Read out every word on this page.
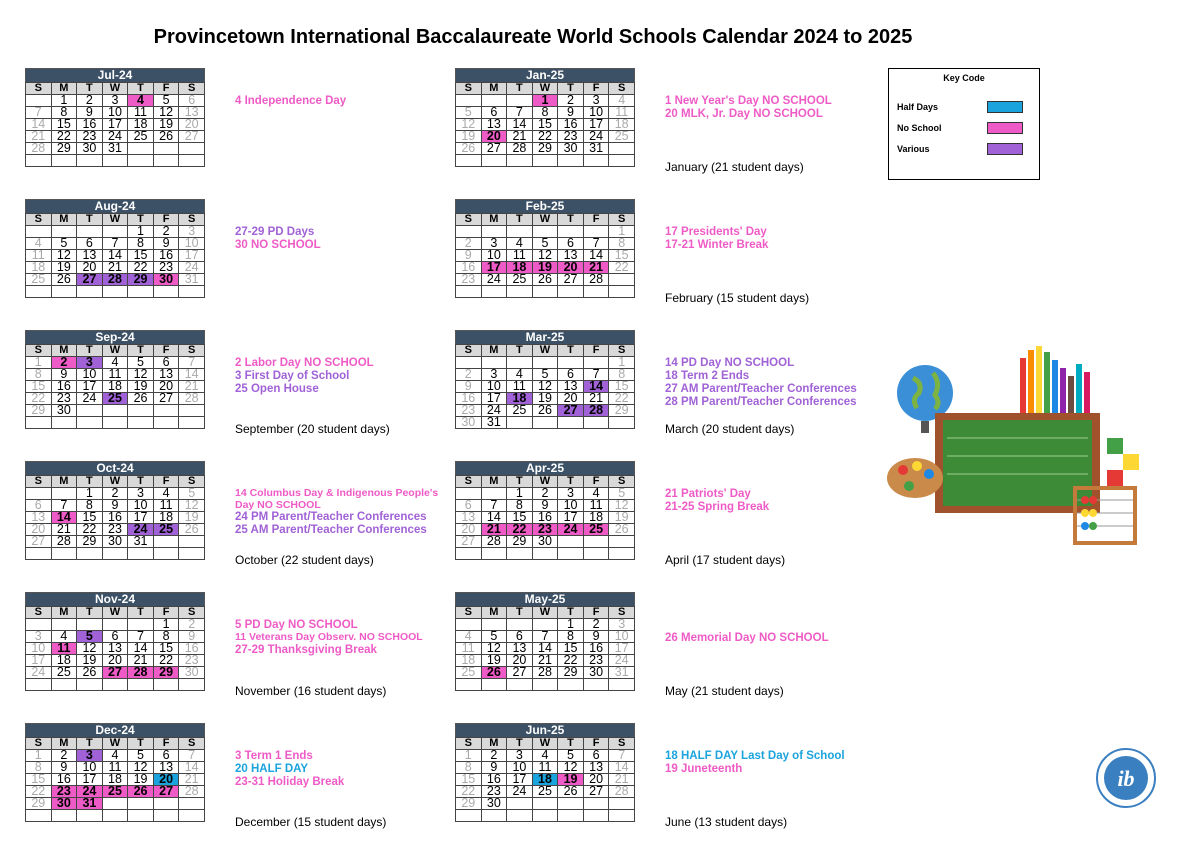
Provincetown International Baccalaureate World Schools Calendar 2024 to 2025
Jul-24
S	M	T	W	T	F	S
	1	2	3	4	5	6
7	8	9	10	11	12	13
14	15	16	17	18	19	20
21	22	23	24	25	26	27
28	29	30	31			

4 Independence Day
Aug-24
S	M	T	W	T	F	S
				1	2	3
4	5	6	7	8	9	10
11	12	13	14	15	16	17
18	19	20	21	22	23	24
25	26	27	28	29	30	31

27-29 PD Days
30 NO SCHOOL
Sep-24
S	M	T	W	T	F	S
1	2	3	4	5	6	7
8	9	10	11	12	13	14
15	16	17	18	19	20	21
22	23	24	25	26	27	28
29	30					

2 Labor Day NO SCHOOL
3 First Day of School
25 Open House
September (20 student days)
Oct-24
S	M	T	W	T	F	S
		1	2	3	4	5
6	7	8	9	10	11	12
13	14	15	16	17	18	19
20	21	22	23	24	25	26
27	28	29	30	31		

14 Columbus Day & Indigenous People's Day NO SCHOOL
24 PM Parent/Teacher Conferences
25 AM Parent/Teacher Conferences
October (22 student days)
Nov-24
S	M	T	W	T	F	S
					1	2
3	4	5	6	7	8	9
10	11	12	13	14	15	16
17	18	19	20	21	22	23
24	25	26	27	28	29	30

5 PD Day NO SCHOOL
11 Veterans Day Observ. NO SCHOOL
27-29 Thanksgiving Break
November (16 student days)
Dec-24
S	M	T	W	T	F	S
1	2	3	4	5	6	7
8	9	10	11	12	13	14
15	16	17	18	19	20	21
22	23	24	25	26	27	28
29	30	31				

3 Term 1 Ends
20 HALF DAY
23-31 Holiday Break
December (15 student days)
Jan-25
S	M	T	W	T	F	S
			1	2	3	4
5	6	7	8	9	10	11
12	13	14	15	16	17	18
19	20	21	22	23	24	25
26	27	28	29	30	31	

1 New Year's Day NO SCHOOL
20 MLK, Jr. Day NO SCHOOL
January (21 student days)
Feb-25
S	M	T	W	T	F	S
						1
2	3	4	5	6	7	8
9	10	11	12	13	14	15
16	17	18	19	20	21	22
23	24	25	26	27	28	

17 Presidents' Day
17-21 Winter Break
February (15 student days)
Mar-25
S	M	T	W	T	F	S
						1
2	3	4	5	6	7	8
9	10	11	12	13	14	15
16	17	18	19	20	21	22
23	24	25	26	27	28	29
30	31					
14 PD Day NO SCHOOL
18 Term 2 Ends
27 AM Parent/Teacher Conferences
28 PM Parent/Teacher Conferences
March (20 student days)
Apr-25
S	M	T	W	T	F	S
		1	2	3	4	5
6	7	8	9	10	11	12
13	14	15	16	17	18	19
20	21	22	23	24	25	26
27	28	29	30			

21 Patriots' Day
21-25 Spring Break
April (17 student days)
May-25
S	M	T	W	T	F	S
				1	2	3
4	5	6	7	8	9	10
11	12	13	14	15	16	17
18	19	20	21	22	23	24
25	26	27	28	29	30	31

26 Memorial Day NO SCHOOL
May (21 student days)
Jun-25
S	M	T	W	T	F	S
1	2	3	4	5	6	7
8	9	10	11	12	13	14
15	16	17	18	19	20	21
22	23	24	25	26	27	28
29	30					

18 HALF DAY Last Day of School
19 Juneteenth
June (13 student days)
Key Code
Half Days
No School
Various
ib
